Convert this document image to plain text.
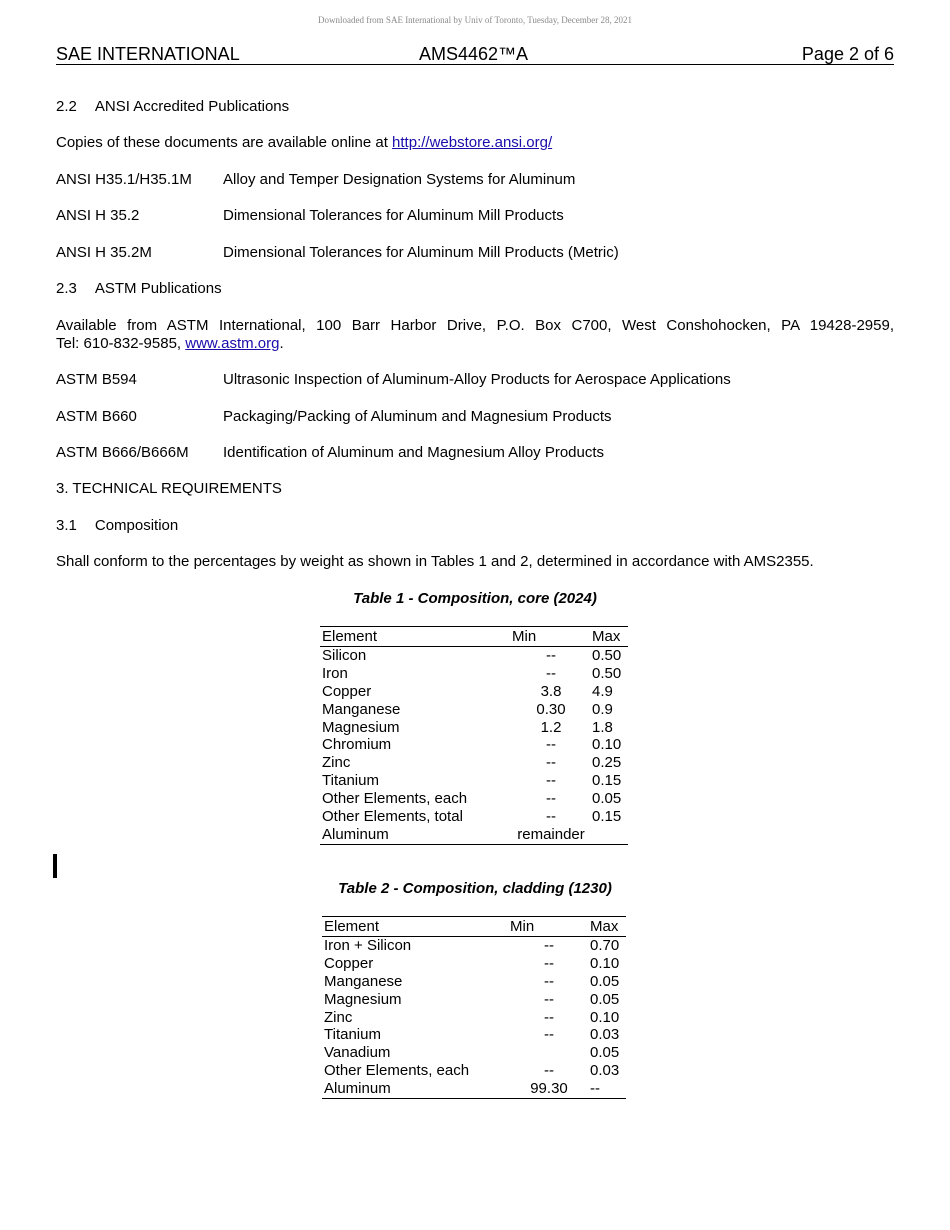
Downloaded from SAE International by Univ of Toronto, Tuesday, December 28, 2021
SAE INTERNATIONAL	AMS4462™A	Page 2 of 6
2.2 ANSI Accredited Publications
Copies of these documents are available online at http://webstore.ansi.org/
ANSI H35.1/H35.1M Alloy and Temper Designation Systems for Aluminum
ANSI H 35.2	Dimensional Tolerances for Aluminum Mill Products
ANSI H 35.2M	Dimensional Tolerances for Aluminum Mill Products (Metric)
2.3 ASTM Publications
Available from ASTM International, 100 Barr Harbor Drive, P.O. Box C700, West Conshohocken, PA 19428-2959,
Tel: 610-832-9585, www.astm.org.
ASTM B594	Ultrasonic Inspection of Aluminum-Alloy Products for Aerospace Applications
ASTM B660	Packaging/Packing of Aluminum and Magnesium Products
ASTM B666/B666M Identification of Aluminum and Magnesium Alloy Products
3. TECHNICAL REQUIREMENTS
3.1 Composition
Shall conform to the percentages by weight as shown in Tables 1 and 2, determined in accordance with AMS2355.
Table 1 - Composition, core (2024)
Element	Min	Max
Silicon	--	0.50
Iron	--	0.50
Copper	3.8	4.9
Manganese	0.30	0.9
Magnesium	1.2	1.8
Chromium	--	0.10
Zinc	--	0.25
Titanium	--	0.15
Other Elements, each	--	0.05
Other Elements, total	--	0.15
Aluminum	remainder	
Table 2 - Composition, cladding (1230)
Element	Min	Max
Iron + Silicon	--	0.70
Copper	--	0.10
Manganese	--	0.05
Magnesium	--	0.05
Zinc	--	0.10
Titanium	--	0.03
Vanadium		0.05
Other Elements, each	--	0.03
Aluminum	99.30	--
